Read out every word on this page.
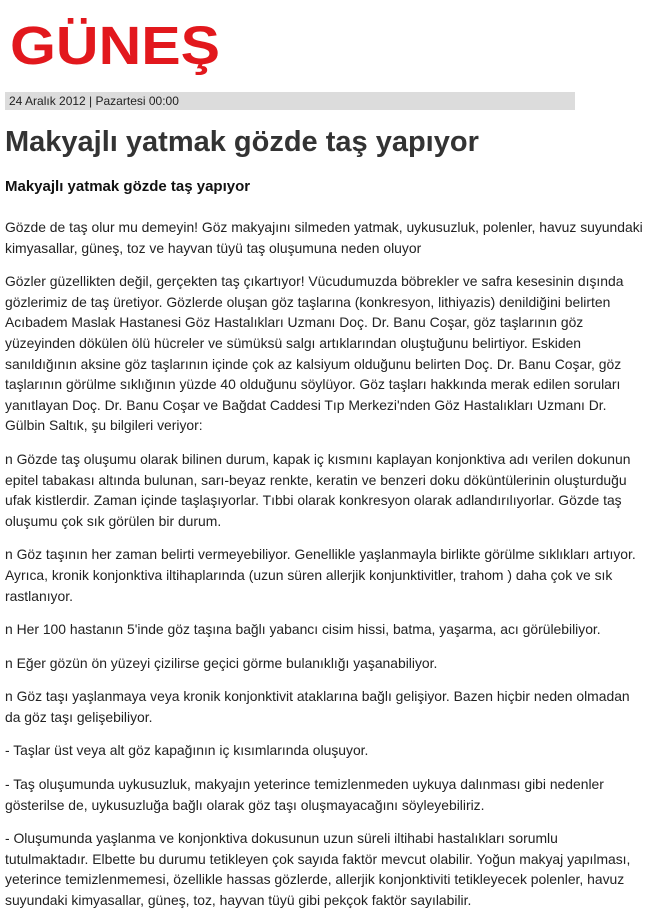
GÜNEŞ
24 Aralık 2012 | Pazartesi 00:00
Makyajlı yatmak gözde taş yapıyor
Makyajlı yatmak gözde taş yapıyor

Gözde de taş olur mu demeyin! Göz makyajını silmeden yatmak, uykusuzluk, polenler, havuz suyundaki kimyasallar, güneş, toz ve hayvan tüyü taş oluşumuna neden oluyor

Gözler güzellikten değil, gerçekten taş çıkartıyor! Vücudumuzda böbrekler ve safra kesesinin dışında gözlerimiz de taş üretiyor. Gözlerde oluşan göz taşlarına (konkresyon, lithiyazis) denildiğini belirten Acıbadem Maslak Hastanesi Göz Hastalıkları Uzmanı Doç. Dr. Banu Coşar, göz taşlarının göz yüzeyinden dökülen ölü hücreler ve sümüksü salgı artıklarından oluştuğunu belirtiyor. Eskiden sanıldığının aksine göz taşlarının içinde çok az kalsiyum olduğunu belirten Doç. Dr. Banu Coşar, göz taşlarının görülme sıklığının yüzde 40 olduğunu söylüyor. Göz taşları hakkında merak edilen soruları yanıtlayan Doç. Dr. Banu Coşar ve Bağdat Caddesi Tıp Merkezi'nden Göz Hastalıkları Uzmanı Dr. Gülbin Saltık, şu bilgileri veriyor:

n Gözde taş oluşumu olarak bilinen durum, kapak iç kısmını kaplayan konjonktiva adı verilen dokunun epitel tabakası altında bulunan, sarı-beyaz renkte, keratin ve benzeri doku döküntülerinin oluşturduğu ufak kistlerdir. Zaman içinde taşlaşıyorlar. Tıbbi olarak konkresyon olarak adlandırılıyorlar. Gözde taş oluşumu çok sık görülen bir durum.

n Göz taşının her zaman belirti vermeyebiliyor. Genellikle yaşlanmayla birlikte görülme sıklıkları artıyor. Ayrıca, kronik konjonktiva iltihaplarında (uzun süren allerjik konjunktivitler, trahom ) daha çok ve sık rastlanıyor.

n Her 100 hastanın 5'inde göz taşına bağlı yabancı cisim hissi, batma, yaşarma, acı görülebiliyor.

n Eğer gözün ön yüzeyi çizilirse geçici görme bulanıklığı yaşanabiliyor.

n Göz taşı yaşlanmaya veya kronik konjonktivit ataklarına bağlı gelişiyor. Bazen hiçbir neden olmadan da göz taşı gelişebiliyor.

- Taşlar üst veya alt göz kapağının iç kısımlarında oluşuyor.

- Taş oluşumunda uykusuzluk, makyajın yeterince temizlenmeden uykuya dalınması gibi nedenler gösterilse de, uykusuzluğa bağlı olarak göz taşı oluşmayacağını söyleyebiliriz.

- Oluşumunda yaşlanma ve konjonktiva dokusunun uzun süreli iltihabi hastalıkları sorumlu tutulmaktadır. Elbette bu durumu tetikleyen çok sayıda faktör mevcut olabilir. Yoğun makyaj yapılması, yeterince temizlenmemesi, özellikle hassas gözlerde, allerjik konjonktiviti tetikleyecek polenler, havuz suyundaki kimyasallar, güneş, toz, hayvan tüyü gibi pekçok faktör sayılabilir.
